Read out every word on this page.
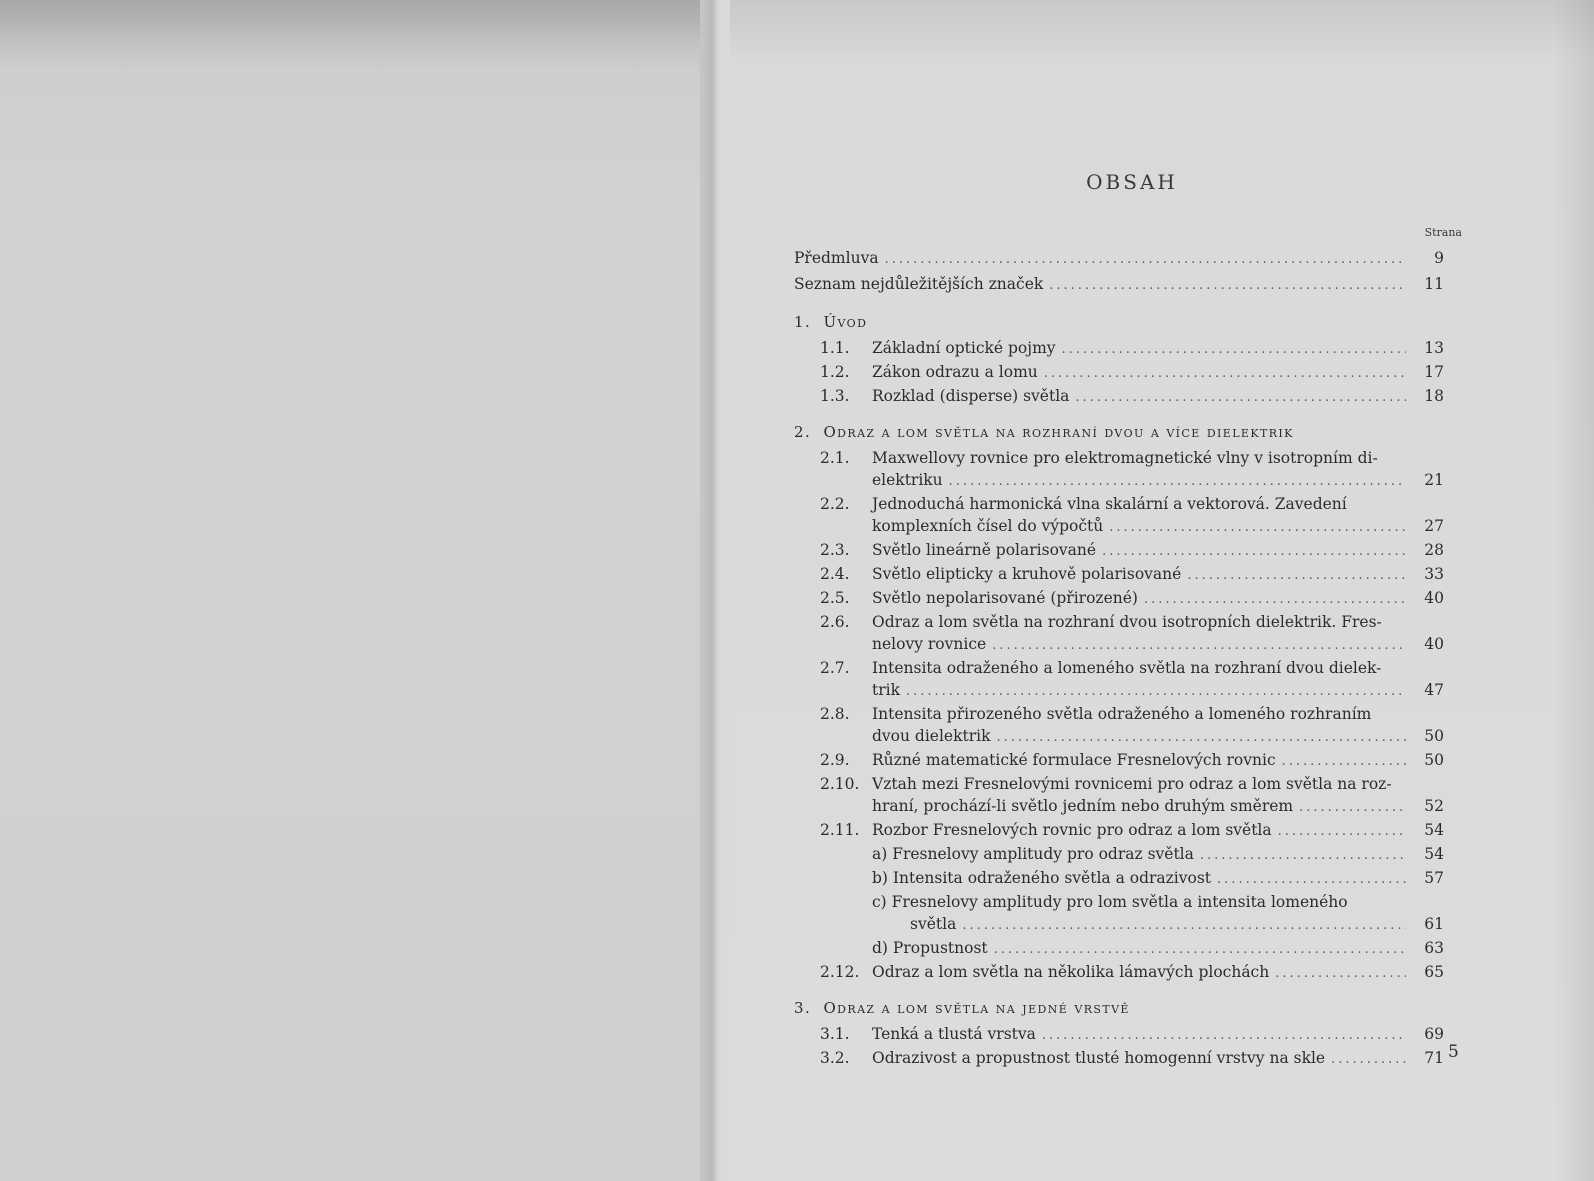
OBSAH
Strana
Předmluva .....	9
Seznam nejdůležitějších značek .....	11
1. Úvod
1.1. Základní optické pojmy .....	13
1.2. Zákon odrazu a lomu .....	17
1.3. Rozklad (disperse) světla .....	18
2. Odraz a lom světla na rozhraní dvou a více dielektrik
2.1. Maxwellovy rovnice pro elektromagnetické vlny v isotropním di-
elektriku .....	21
2.2. Jednoduchá harmonická vlna skalární a vektorová. Zavedení
komplexních čísel do výpočtů .....	27
2.3. Světlo lineárně polarisované .....	28
2.4. Světlo elipticky a kruhově polarisované .....	33
2.5. Světlo nepolarisované (přirozené) .....	40
2.6. Odraz a lom světla na rozhraní dvou isotropních dielektrik. Fres-
nelovy rovnice .....	40
2.7. Intensita odraženého a lomeného světla na rozhraní dvou dielek-
trik .....	47
2.8. Intensita přirozeného světla odraženého a lomeného rozhraním
dvou dielektrik .....	50
2.9. Různé matematické formulace Fresnelových rovnic .....	50
2.10. Vztah mezi Fresnelovými rovnicemi pro odraz a lom světla na roz-
hraní, prochází-li světlo jedním nebo druhým směrem .....	52
2.11. Rozbor Fresnelových rovnic pro odraz a lom světla .....	54
a) Fresnelovy amplitudy pro odraz světla .....	54
b) Intensita odraženého světla a odrazivost .....	57
c) Fresnelovy amplitudy pro lom světla a intensita lomeného
světla .....	61
d) Propustnost .....	63
2.12. Odraz a lom světla na několika lámavých plochách .....	65
3. Odraz a lom světla na jedné vrstvě
3.1. Tenká a tlustá vrstva .....	69
3.2. Odrazivost a propustnost tlusté homogenní vrstvy na skle .....	71 5
